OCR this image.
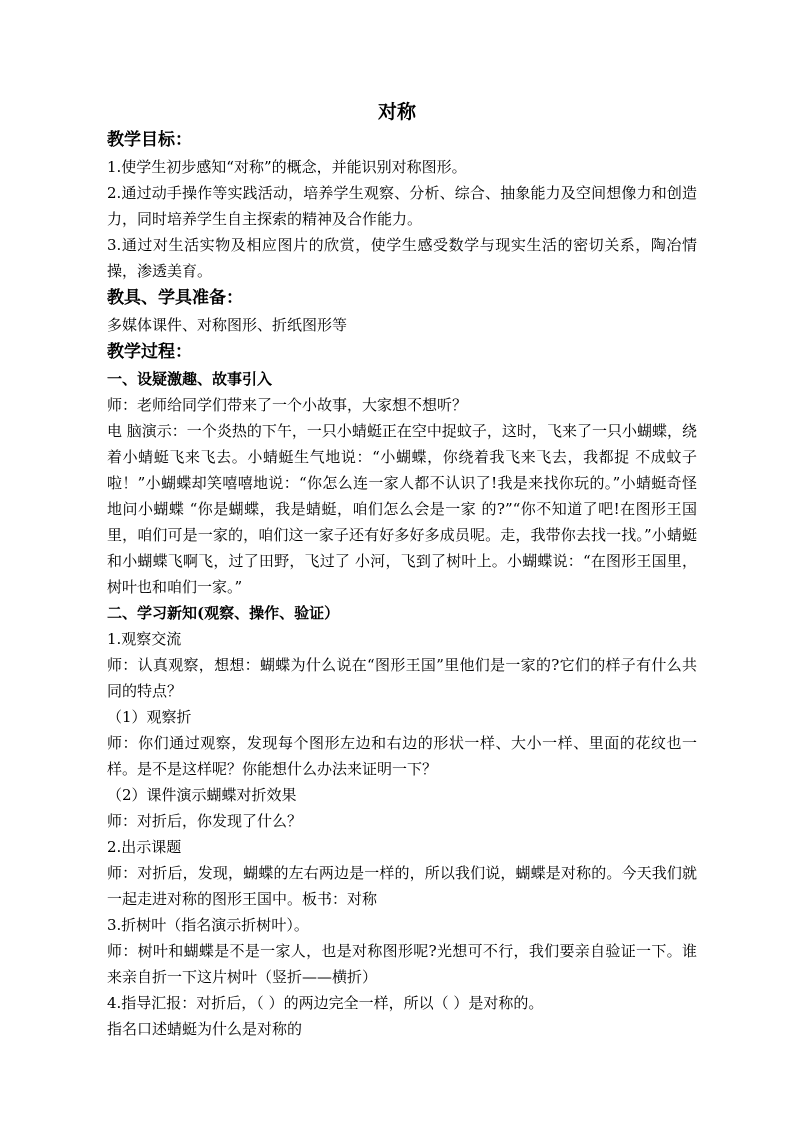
对称

教学目标：

1.使学生初步感知“对称”的概念，并能识别对称图形。

2.通过动手操作等实践活动，培养学生观察、分析、综合、抽象能力及空间想像力和创造力，同时培养学生自主探索的精神及合作能力。

3.通过对生活实物及相应图片的欣赏，使学生感受数学与现实生活的密切关系，陶冶情操，渗透美育。

教具、学具准备：

多媒体课件、对称图形、折纸图形等

教学过程：

一、设疑激趣、故事引入

师：老师给同学们带来了一个小故事，大家想不想听？

电 脑演示：一个炎热的下午，一只小蜻蜓正在空中捉蚊子，这时，飞来了一只小蝴蝶，绕着小蜻蜓飞来飞去。小蜻蜓生气地说：“小蝴蝶，你绕着我飞来飞去，我都捉 不成蚊子啦！”小蝴蝶却笑嘻嘻地说：“你怎么连一家人都不认识了!我是来找你玩的。”小蜻蜓奇怪地问小蝴蝶 “你是蝴蝶，我是蜻蜓，咱们怎么会是一家 的?”“你不知道了吧!在图形王国里，咱们可是一家的，咱们这一家子还有好多好多成员呢。走，我带你去找一找。”小蜻蜓和小蝴蝶飞啊飞，过了田野，飞过了 小河，飞到了树叶上。小蝴蝶说：“在图形王国里，树叶也和咱们一家。”

二、学习新知(观察、操作、验证）

1.观察交流

师：认真观察，想想：蝴蝶为什么说在“图形王国”里他们是一家的?它们的样子有什么共同的特点？

（1）观察折

师：你们通过观察，发现每个图形左边和右边的形状一样、大小一样、里面的花纹也一样。是不是这样呢？你能想什么办法来证明一下？

（2）课件演示蝴蝶对折效果

师：对折后，你发现了什么？

2.出示课题

师：对折后，发现，蝴蝶的左右两边是一样的，所以我们说，蝴蝶是对称的。今天我们就一起走进对称的图形王国中。板书：对称

3.折树叶（指名演示折树叶）。

师：树叶和蝴蝶是不是一家人，也是对称图形呢?光想可不行，我们要亲自验证一下。谁来亲自折一下这片树叶（竖折——横折）

4.指导汇报：对折后，（ ）的两边完全一样，所以（ ）是对称的。

指名口述蜻蜓为什么是对称的
